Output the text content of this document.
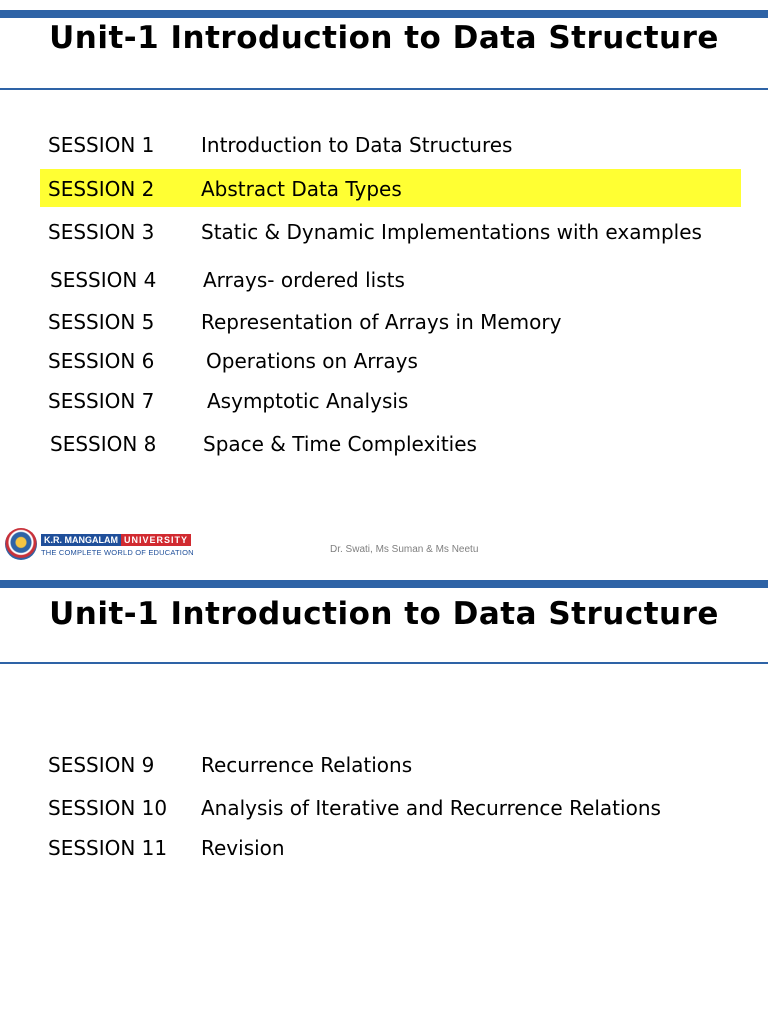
Unit-1 Introduction to Data Structure
SESSION 1 Introduction to Data Structures
SESSION 2 Abstract Data Types
SESSION 3 Static & Dynamic Implementations with examples
SESSION 4 Arrays- ordered lists
SESSION 5 Representation of Arrays in Memory
SESSION 6	Operations on Arrays
SESSION 7	Asymptotic Analysis
SESSION 8 Space & Time Complexities
K.R. MANGALAM UNIVERSITY
THE COMPLETE WORLD OF EDUCATION	Dr. Swati, Ms Suman & Ms Neetu
Unit-1 Introduction to Data Structure
SESSION 9 Recurrence Relations
SESSION 10 Analysis of Iterative and Recurrence Relations
SESSION 11 Revision
